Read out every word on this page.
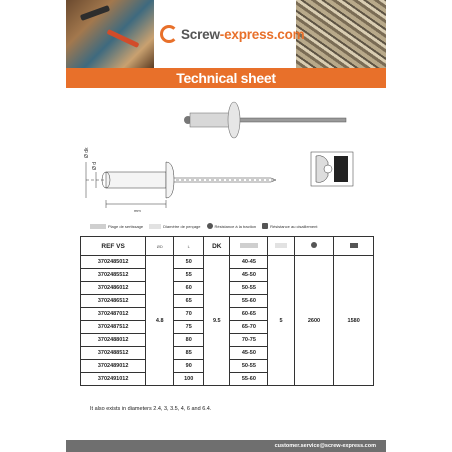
Screw-express.com
Technical sheet
Ø dk
Ø d
mm
Plage de sertissage	Diamètre de perçage	Résistance à la traction	Résistance au cisaillement
REF VS	ØD	L	DK				
3702485012	4.8	50	9.5	40-45	5	2600	1580
3702485512		55		45-50			
3702486012		60		50-55			
3702486512		65		55-60			
3702487012		70		60-65			
3702487512		75		65-70			
3702488012		80		70-75			
3702488512		85		45-50			
3702489012		90		50-55			
3702491012		100		55-60			
It also exists in diameters 2.4, 3, 3.5, 4, 6 and 6.4.
customer.service@screw-express.com
